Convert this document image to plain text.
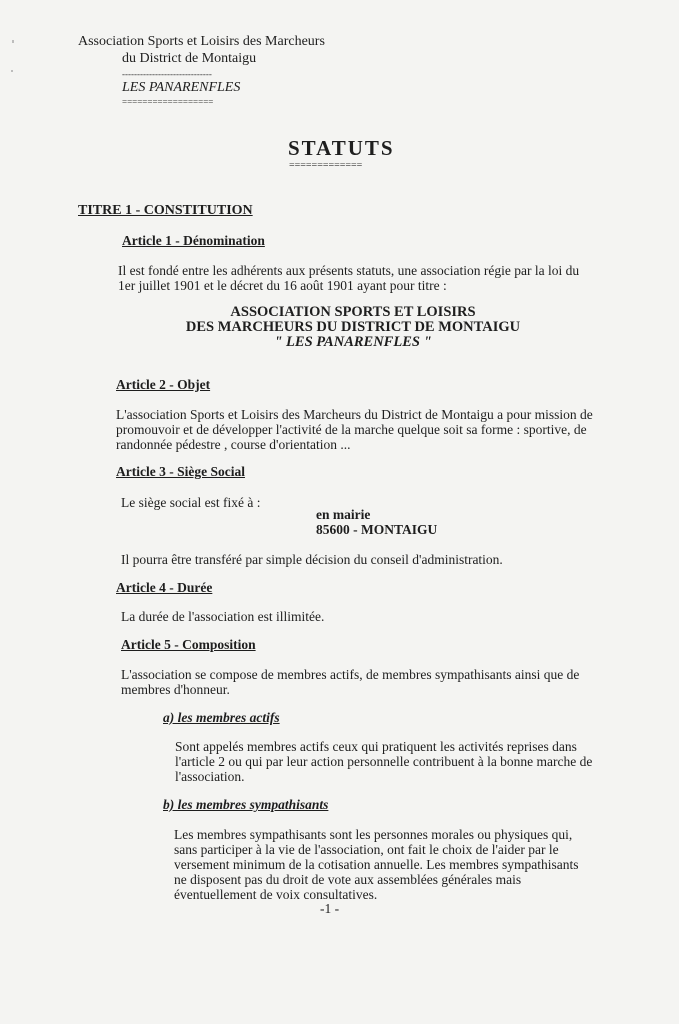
Association Sports et Loisirs des Marcheurs
du District de Montaigu
------------------------------
LES PANARENFLES
==================
STATUTS
=============
TITRE 1 - CONSTITUTION
Article 1 - Dénomination
Il est fondé entre les adhérents aux présents statuts, une association régie par la loi du 1er juillet 1901 et le décret du 16 août 1901 ayant pour titre :
ASSOCIATION SPORTS ET LOISIRS
DES MARCHEURS DU DISTRICT DE MONTAIGU
" LES PANARENFLES "
Article 2 - Objet
L'association Sports et Loisirs des Marcheurs du District de Montaigu a pour mission de promouvoir et de développer l'activité de la marche quelque soit sa forme : sportive, de randonnée pédestre , course d'orientation ...
Article 3 - Siège Social
Le siège social est fixé à :
en mairie
85600 - MONTAIGU
Il pourra être transféré par simple décision du conseil d'administration.
Article 4 - Durée
La durée de l'association est illimitée.
Article 5 - Composition
L'association se compose de membres actifs, de membres sympathisants ainsi que de membres d'honneur.
a) les membres actifs
Sont appelés membres actifs ceux qui pratiquent les activités reprises dans l'article 2 ou qui par leur action personnelle contribuent à la bonne marche de l'association.
b) les membres sympathisants
Les membres sympathisants sont les personnes morales ou physiques qui, sans participer à la vie de l'association, ont fait le choix de l'aider par le versement minimum de la cotisation annuelle. Les membres sympathisants ne disposent pas du droit de vote aux assemblées générales mais éventuellement de voix consultatives.
-1 -
